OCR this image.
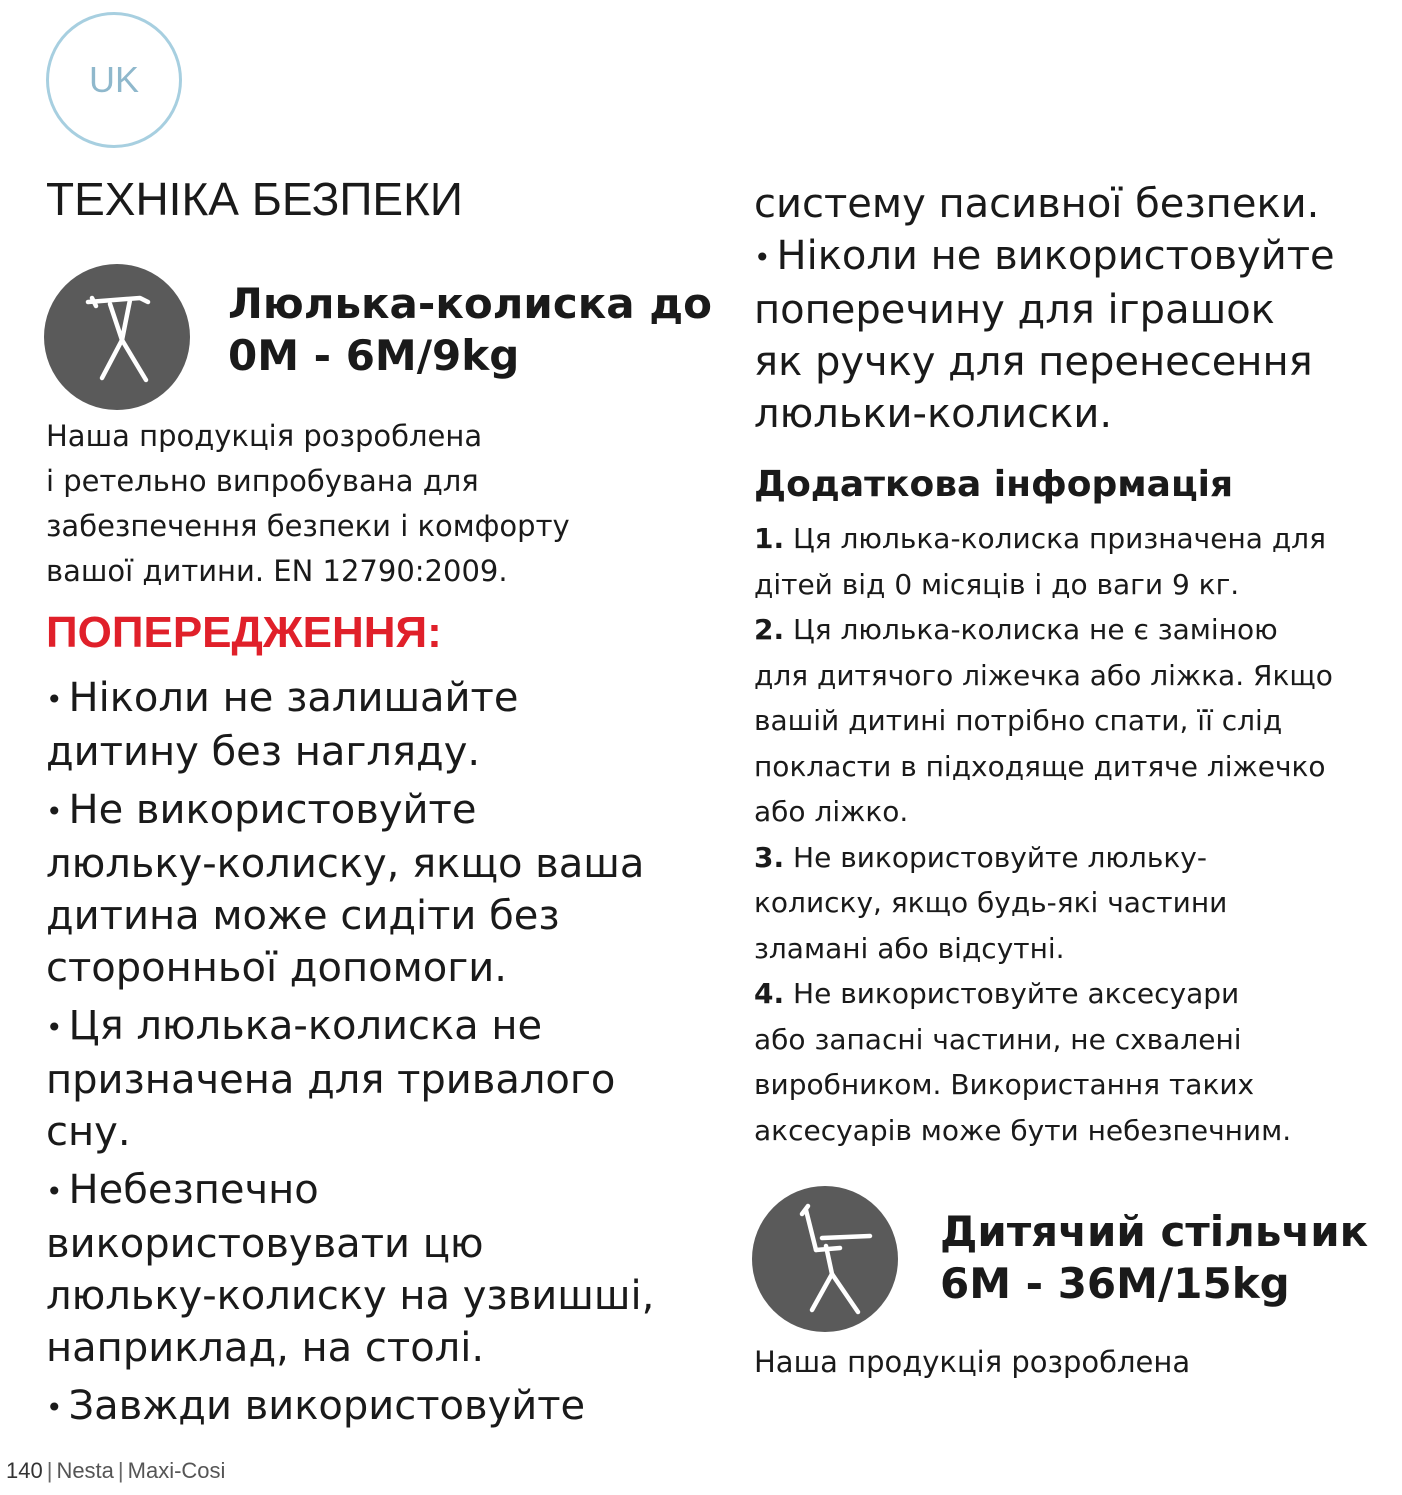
UK
ТЕХНІКА БЕЗПЕКИ
Люлька-колиска до
0M - 6M/9kg
Наша продукція розроблена
і ретельно випробувана для
забезпечення безпеки і комфорту
вашої дитини. EN 12790:2009.
ПОПЕРЕДЖЕННЯ:

• Ніколи не залишайте
дитину без нагляду.

• Не використовуйте
люльку-колиску, якщо ваша
дитина може сидіти без
сторонньої допомоги.

• Ця люлька-колиска не
призначена для тривалого
сну.

• Небезпечно
використовувати цю
люльку-колиску на узвишші,
наприклад, на столі.

• Завжди використовуйте

систему пасивної безпеки.

• Ніколи не використовуйте
поперечину для іграшок
як ручку для перенесення
люльки-колиски.

Додаткова інформація
1. Ця люлька-колиска призначена для
дітей від 0 місяців і до ваги 9 кг.
2. Ця люлька-колиска не є заміною
для дитячого ліжечка або ліжка. Якщо
вашій дитині потрібно спати, її слід
покласти в підходяще дитяче ліжечко
або ліжко.
3. Не використовуйте люльку-
колиску, якщо будь-які частини
зламані або відсутні.
4. Не використовуйте аксесуари
або запасні частини, не схвалені
виробником. Використання таких
аксесуарів може бути небезпечним.
Дитячий стільчик
6M - 36M/15kg
Наша продукція розроблена
140 | Nesta | Maxi-Cosi
